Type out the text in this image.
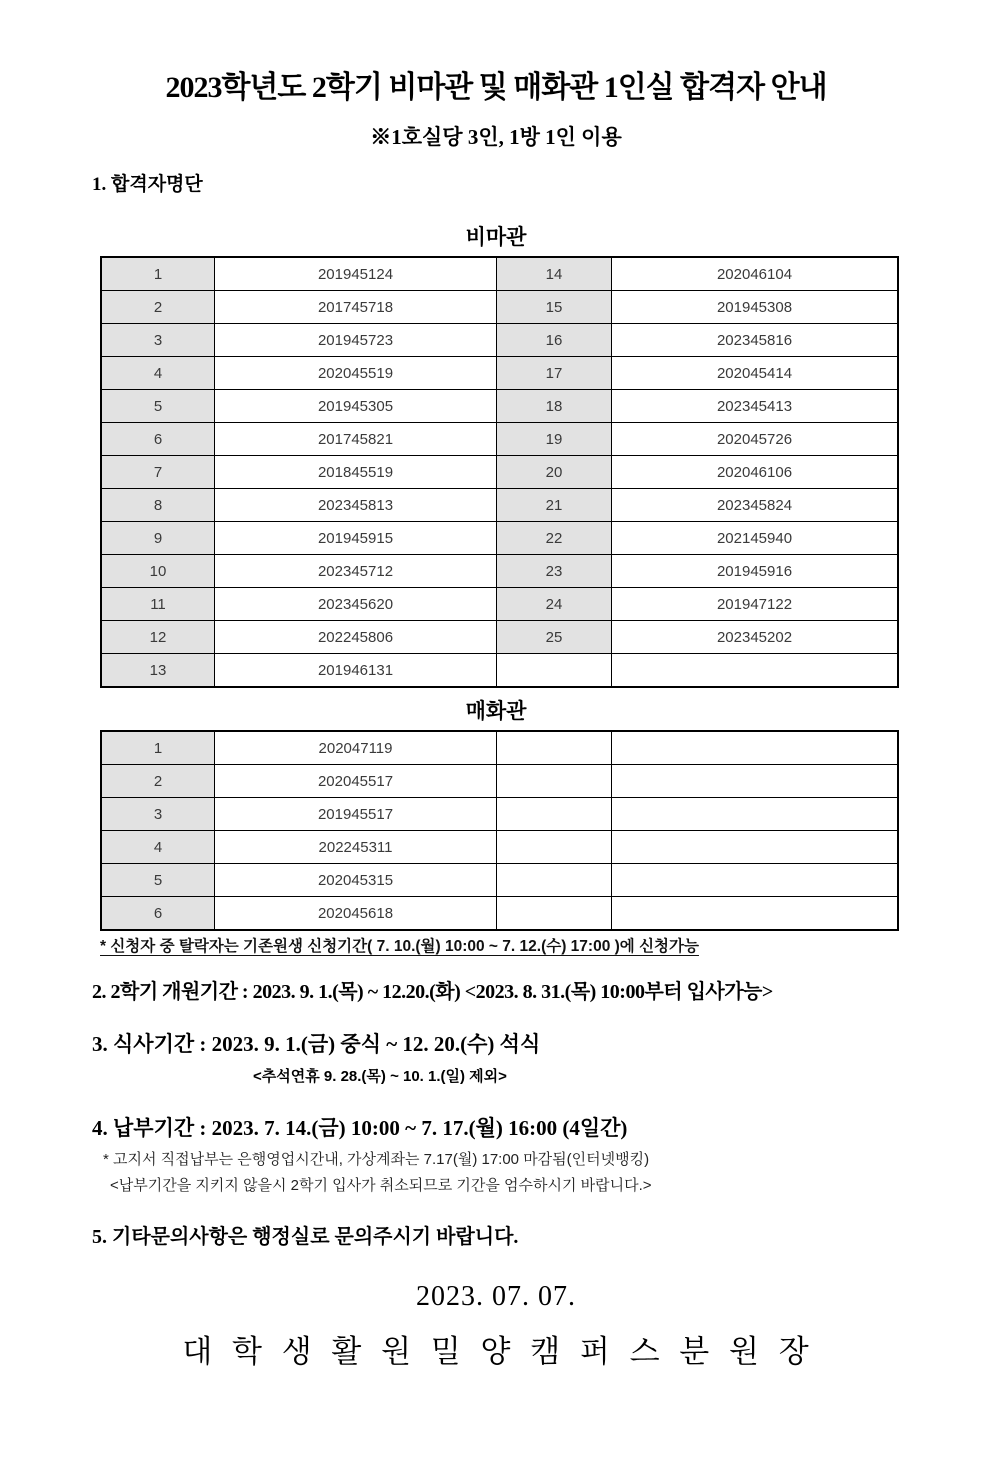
2023학년도 2학기 비마관 및 매화관 1인실 합격자 안내
※1호실당 3인, 1방 1인 이용
1. 합격자명단
비마관
1	201945124	14	202046104
2	201745718	15	201945308
3	201945723	16	202345816
4	202045519	17	202045414
5	201945305	18	202345413
6	201745821	19	202045726
7	201845519	20	202046106
8	202345813	21	202345824
9	201945915	22	202145940
10	202345712	23	201945916
11	202345620	24	201947122
12	202245806	25	202345202
13	201946131		
매화관
1	202047119		
2	202045517		
3	201945517		
4	202245311		
5	202045315		
6	202045618		
* 신청자 중 탈락자는 기존원생 신청기간( 7. 10.(월) 10:00 ~ 7. 12.(수) 17:00 )에 신청가능
2. 2학기 개원기간 : 2023. 9. 1.(목) ~ 12.20.(화) <2023. 8. 31.(목) 10:00부터 입사가능>
3. 식사기간 : 2023. 9. 1.(금) 중식 ~ 12. 20.(수) 석식
<추석연휴 9. 28.(목) ~ 10. 1.(일) 제외>
4. 납부기간 : 2023. 7. 14.(금) 10:00 ~ 7. 17.(월) 16:00 (4일간)
* 고지서 직접납부는 은행영업시간내, 가상계좌는 7.17(월) 17:00 마감됨(인터넷뱅킹)
<납부기간을 지키지 않을시 2학기 입사가 취소되므로 기간을 엄수하시기 바랍니다.>
5. 기타문의사항은 행정실로 문의주시기 바랍니다.
2023. 07. 07.
대 학 생 활 원 밀 양 캠 퍼 스 분 원 장
